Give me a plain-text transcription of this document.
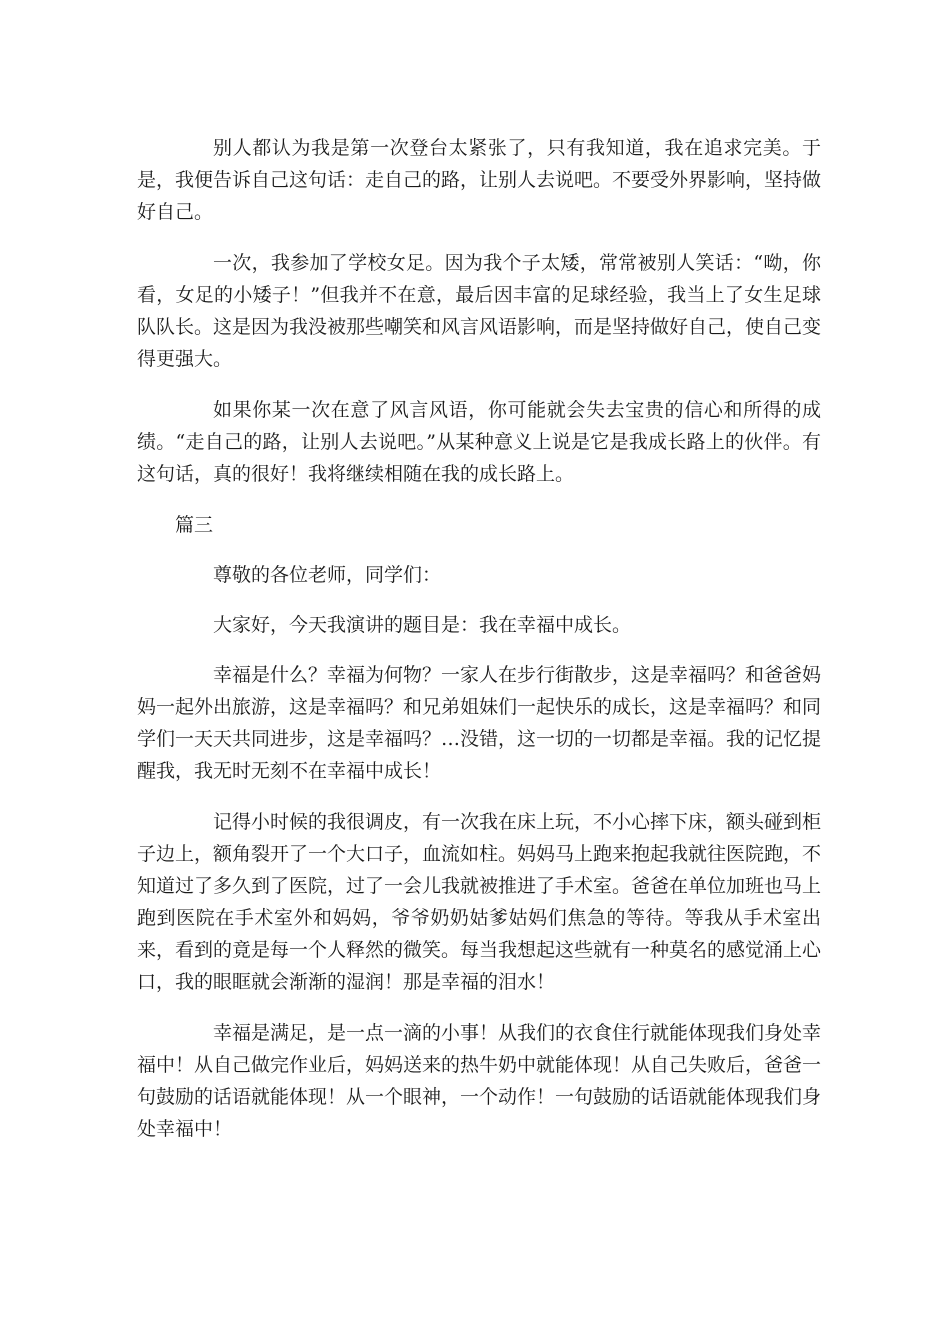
别人都认为我是第一次登台太紧张了，只有我知道，我在追求完美。于是，我便告诉自己这句话：走自己的路，让别人去说吧。不要受外界影响，坚持做好自己。

一次，我参加了学校女足。因为我个子太矮，常常被别人笑话：“呦，你看，女足的小矮子！”但我并不在意，最后因丰富的足球经验，我当上了女生足球队队长。这是因为我没被那些嘲笑和风言风语影响，而是坚持做好自己，使自己变得更强大。

如果你某一次在意了风言风语，你可能就会失去宝贵的信心和所得的成绩。“走自己的路，让别人去说吧。”从某种意义上说是它是我成长路上的伙伴。有这句话，真的很好！我将继续相随在我的成长路上。

篇三

尊敬的各位老师，同学们：

大家好，今天我演讲的题目是：我在幸福中成长。

幸福是什么？幸福为何物？一家人在步行街散步，这是幸福吗？和爸爸妈妈一起外出旅游，这是幸福吗？和兄弟姐妹们一起快乐的成长，这是幸福吗？和同学们一天天共同进步，这是幸福吗？…没错，这一切的一切都是幸福。我的记忆提醒我，我无时无刻不在幸福中成长！

记得小时候的我很调皮，有一次我在床上玩，不小心摔下床，额头碰到柜子边上，额角裂开了一个大口子，血流如柱。妈妈马上跑来抱起我就往医院跑，不知道过了多久到了医院，过了一会儿我就被推进了手术室。爸爸在单位加班也马上跑到医院在手术室外和妈妈，爷爷奶奶姑爹姑妈们焦急的等待。等我从手术室出来，看到的竟是每一个人释然的微笑。每当我想起这些就有一种莫名的感觉涌上心口，我的眼眶就会渐渐的湿润！那是幸福的泪水！

幸福是满足，是一点一滴的小事！从我们的衣食住行就能体现我们身处幸福中！从自己做完作业后，妈妈送来的热牛奶中就能体现！从自己失败后，爸爸一句鼓励的话语就能体现！从一个眼神，一个动作！一句鼓励的话语就能体现我们身处幸福中！
